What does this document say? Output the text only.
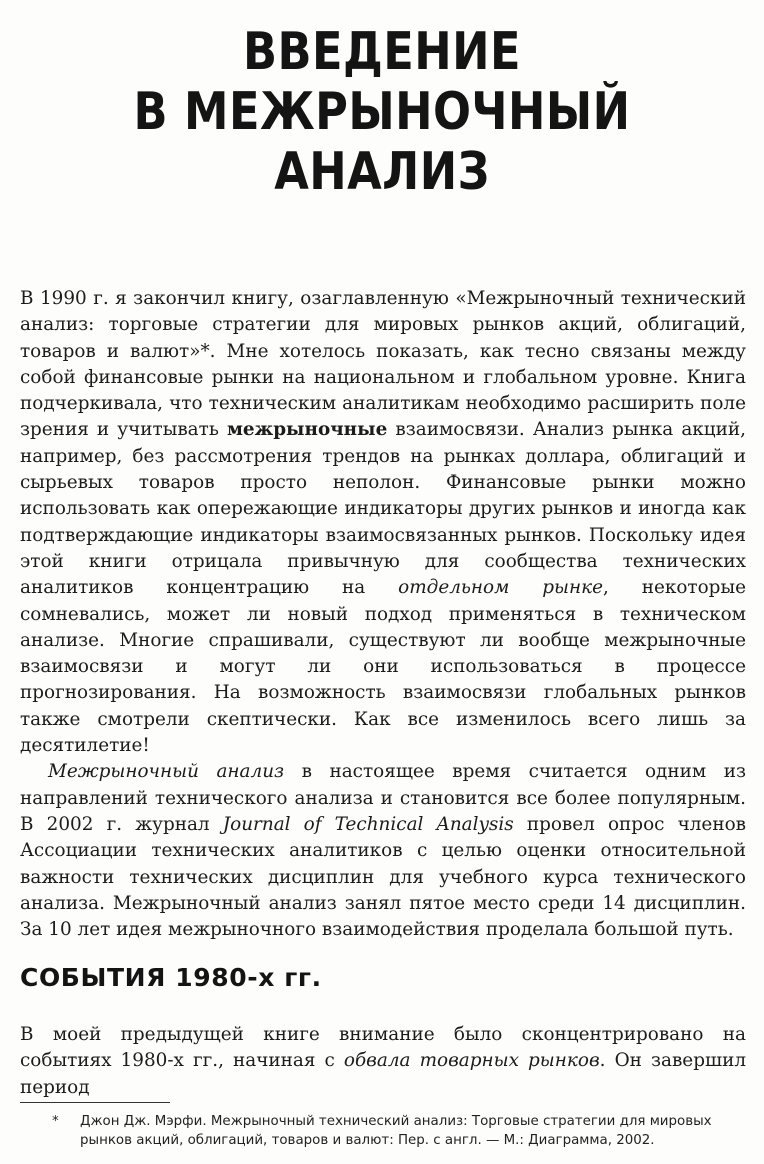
ВВЕДЕНИЕ
В МЕЖРЫНОЧНЫЙ
АНАЛИЗ

В 1990 г. я закончил книгу, озаглавленную «Межрыночный технический анализ: торговые стратегии для мировых рынков акций, облигаций, товаров и валют»*. Мне хотелось показать, как тесно связаны между собой финансовые рынки на национальном и глобальном уровне. Книга подчеркивала, что техническим аналитикам необходимо расширить поле зрения и учитывать межрыночные взаимосвязи. Анализ рынка акций, например, без рассмотрения трендов на рынках доллара, облигаций и сырьевых товаров просто неполон. Финансовые рынки можно использовать как опережающие индикаторы других рынков и иногда как подтверждающие индикаторы взаимосвязанных рынков. Поскольку идея этой книги отрицала привычную для сообщества технических аналитиков концентрацию на отдельном рынке, некоторые сомневались, может ли новый подход применяться в техническом анализе. Многие спрашивали, существуют ли вообще межрыночные взаимосвязи и могут ли они использоваться в процессе прогнозирования. На возможность взаимосвязи глобальных рынков также смотрели скептически. Как все изменилось всего лишь за десятилетие!

Межрыночный анализ в настоящее время считается одним из направлений технического анализа и становится все более популярным. В 2002 г. журнал Journal of Technical Analysis провел опрос членов Ассоциации технических аналитиков с целью оценки относительной важности технических дисциплин для учебного курса технического анализа. Межрыночный анализ занял пятое место среди 14 дисциплин. За 10 лет идея межрыночного взаимодействия проделала большой путь.

СОБЫТИЯ 1980-х гг.

В моей предыдущей книге внимание было сконцентрировано на событиях 1980-х гг., начиная с обвала товарных рынков. Он завершил период

* Джон Дж. Мэрфи. Межрыночный технический анализ: Торговые стратегии для мировых рынков акций, облигаций, товаров и валют: Пер. с англ. — М.: Диаграмма, 2002.
